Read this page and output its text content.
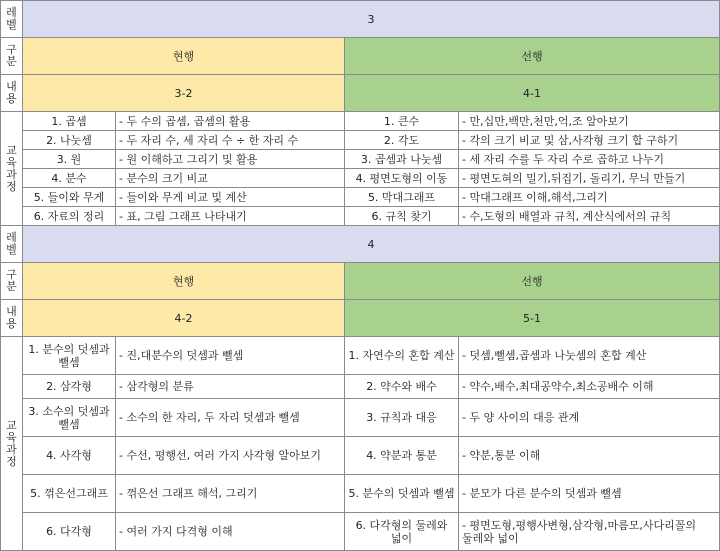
레벨	3			
구분	현행		선행	
내용	3-2		4-1	
교육과정	1. 곱셈	- 두 수의 곱셈, 곱셈의 활용	1. 큰수	- 만,십만,백만,천만,억,조 알아보기
	2. 나눗셈	- 두 자리 수, 세 자리 수 ÷ 한 자리 수	2. 각도	- 각의 크기 비교 및 삼,사각형 크기 합 구하기
	3. 원	- 원 이해하고 그리기 및 활용	3. 곱셈과 나눗셈	- 세 자리 수를 두 자리 수로 곱하고 나누기
	4. 분수	- 분수의 크기 비교	4. 평면도형의 이동	- 평면도혀의 밀기,뒤집기, 돌리기, 무늬 만들기
	5. 들이와 무게	- 들이와 무게 비교 및 계산	5. 막대그래프	- 막대그래프 이해,해석,그리기
	6. 자료의 정리	- 표, 그림 그래프 나타내기	6. 규칙 찾기	- 수,도형의 배열과 규칙, 계산식에서의 규칙
레벨	4			
구분	현행		선행	
내용	4-2		5-1	
교육과정	1. 분수의 덧셈과 뺄셈	- 진,대분수의 덧셈과 뺄셈	1. 자연수의 혼합 계산	- 덧셈,뺄셈,곱셈과 나눗셈의 혼합 계산
	2. 삼각형	- 삼각형의 분류	2. 약수와 배수	- 약수,배수,최대공약수,최소공배수 이해
	3. 소수의 덧셈과 뺄셈	- 소수의 한 자리, 두 자리 덧셈과 뺄셈	3. 규칙과 대응	- 두 양 사이의 대응 관계
	4. 사각형	- 수선, 평행선, 여러 가지 사각형 알아보기	4. 약분과 통분	- 약분,통분 이해
	5. 꺾은선그래프	- 꺾은선 그래프 해석, 그리기	5. 분수의 덧셈과 뺄셈	- 분모가 다른 분수의 덧셈과 뺄셈
	6. 다각형	- 여러 가지 다격형 이해	6. 다각형의 둘레와 넓이	- 평면도형,평행사변형,삼각형,마름모,사다리꼴의 둘레와 넓이
